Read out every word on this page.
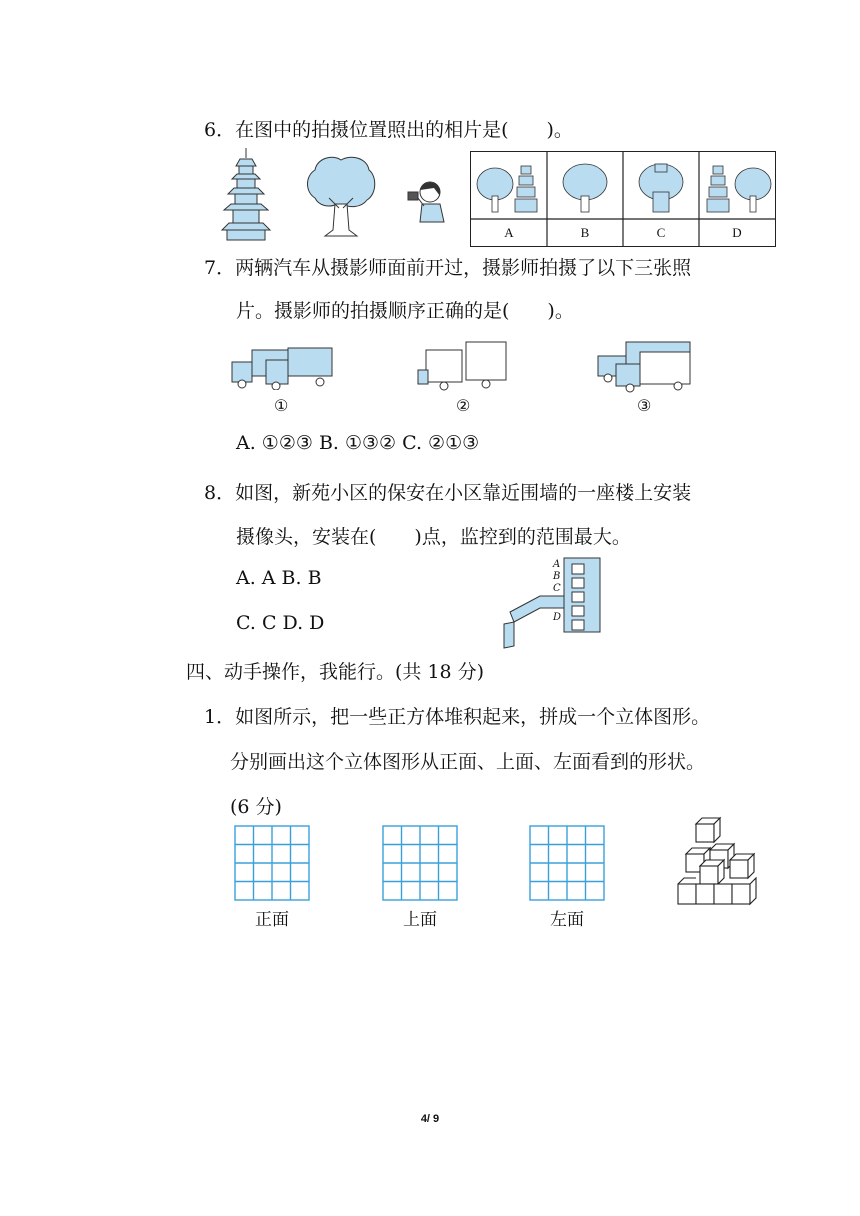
6．在图中的拍摄位置照出的相片是(　　)。
A	B	C	D
7．两辆汽车从摄影师面前开过，摄影师拍摄了以下三张照
片。摄影师的拍摄顺序正确的是(　　)。
①	②	③
A. ①②③ B. ①③② C. ②①③
8．如图，新苑小区的保安在小区靠近围墙的一座楼上安装
摄像头，安装在(　　)点，监控到的范围最大。
A. A B. B
C. C D. D
A
B
C
D
四、动手操作，我能行。(共 18 分)
1．如图所示，把一些正方体堆积起来，拼成一个立体图形。
分别画出这个立体图形从正面、上面、左面看到的形状。
(6 分)
正面	上面	左面
4/ 9
